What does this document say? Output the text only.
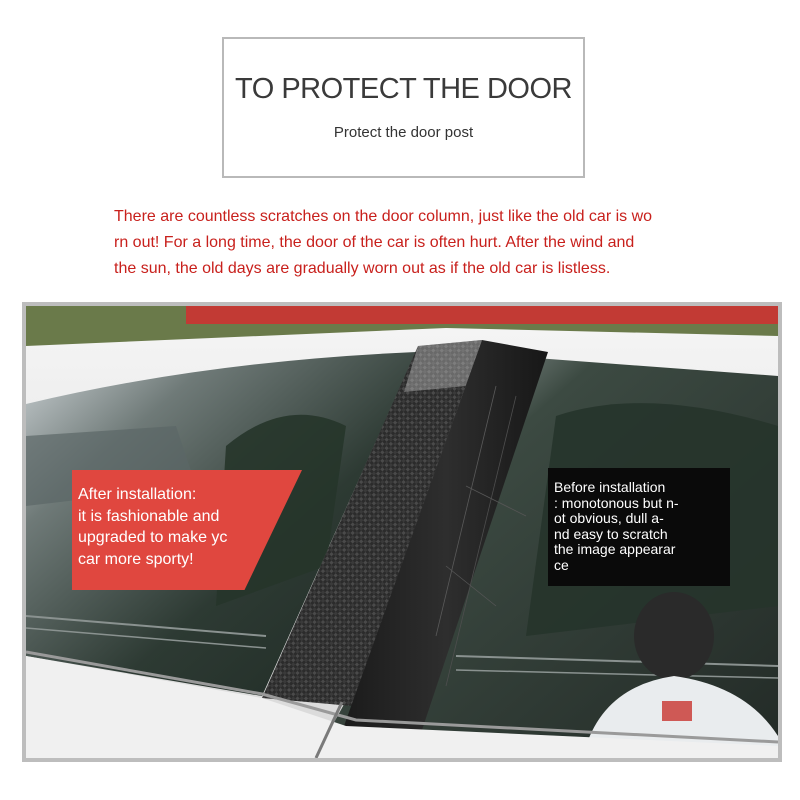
TO PROTECT THE DOOR
Protect the door post

There are countless scratches on the door column, just like the old car is wo
rn out! For a long time, the door of the car is often hurt. After the wind and
the sun, the old days are gradually worn out as if the old car is listless.

After installation:
it is fashionable and
upgraded to make yc
car more sporty!
Before installation
: monotonous but n-
ot obvious, dull a-
nd easy to scratch
the image appearar
ce
